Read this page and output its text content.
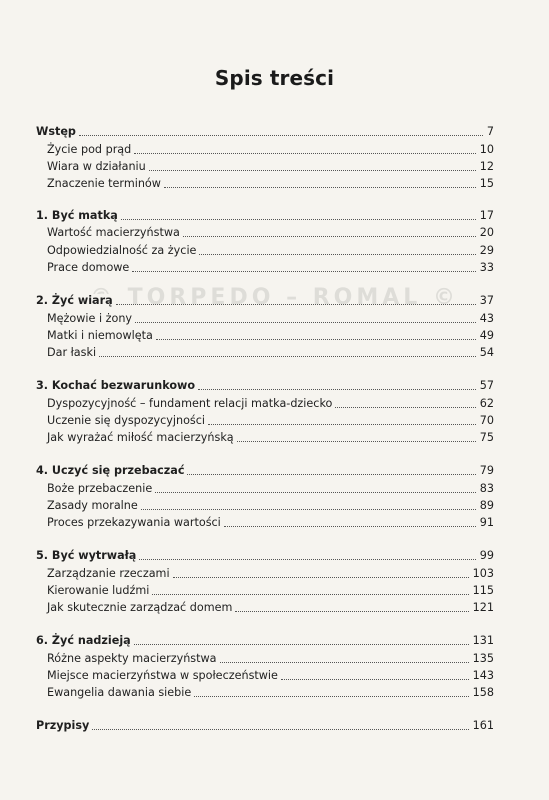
Spis treści
Wstęp	7
Życie pod prąd	10
Wiara w działaniu	12
Znaczenie terminów	15
1. Być matką	17
Wartość macierzyństwa	20
Odpowiedzialność za życie	29
Prace domowe	33
2. Żyć wiarą	37
Mężowie i żony	43
Matki i niemowlęta	49
Dar łaski	54
3. Kochać bezwarunkowo	57
Dyspozycyjność – fundament relacji matka-dziecko	62
Uczenie się dyspozycyjności	70
Jak wyrażać miłość macierzyńską	75
4. Uczyć się przebaczać	79
Boże przebaczenie	83
Zasady moralne	89
Proces przekazywania wartości	91
5. Być wytrwałą	99
Zarządzanie rzeczami	103
Kierowanie ludźmi	115
Jak skutecznie zarządzać domem	121
6. Żyć nadzieją	131
Różne aspekty macierzyństwa	135
Miejsce macierzyństwa w społeczeństwie	143
Ewangelia dawania siebie	158
Przypisy	161
© TORPEDO – ROMAL ©
